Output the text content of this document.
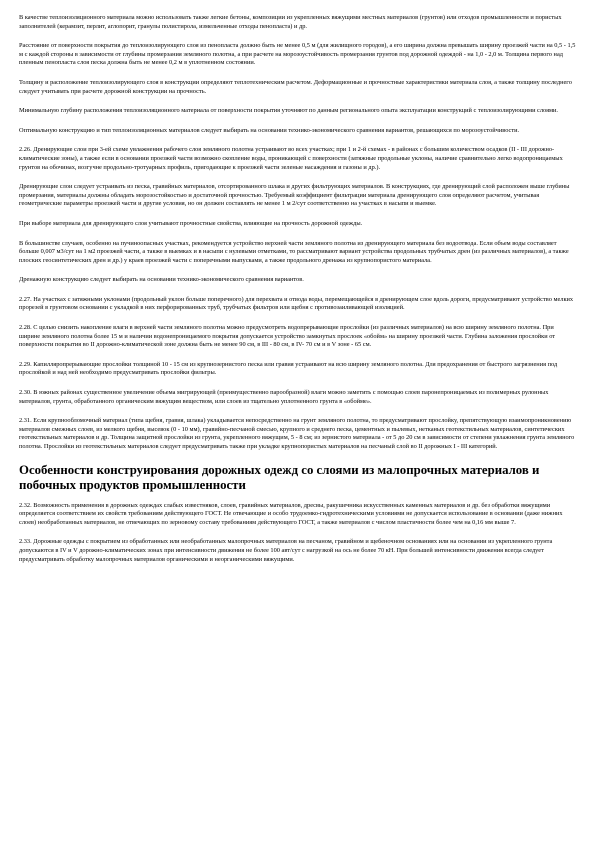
В качестве теплоизоляционного материала можно использовать также легкие бетоны, композиции из укрепленных вяжущими местных материалов (грунтов) или отходов промышленности и пористых заполнителей (керамзит, перлит, аглопорит, гранулы полистирола, измельченные отходы пенопласта) и др.

Расстояние от поверхности покрытия до теплоизолирующего слоя из пенопласта должно быть не менее 0,5 м (для жилищного городов), а его ширина должна превышать ширину проезжей части на 0,5 - 1,5 м с каждой стороны в зависимости от глубины промерзания земляного полотна, а при расчете на морозоустойчивость промерзания грунтов под дорожной одеждой - на 1,0 - 2,0 м. Толщина первого над пленным пенопласта слоя песка должна быть не менее 0,2 м в уплотненном состоянии.

Толщину и расположение теплоизолирующего слоя в конструкции определяют теплотехническим расчетом. Деформационные и прочностные характеристики материала слоя, а также толщину последнего следует учитывать при расчете дорожной конструкции на прочность.

Минимальную глубину расположения теплоизоляционного материала от поверхности покрытия уточняют по данным регионального опыта эксплуатации конструкций с теплоизолирующими слоями.

Оптимальную конструкцию и тип теплоизоляционных материалов следует выбирать на основании технико-экономического сравнения вариантов, решающихся по морозоустойчивости.

2.26. Дренирующие слои при 3-ей схеме увлажнения рабочего слоя земляного полотна устраивают во всех участках; при 1 и 2-й схемах - в районах с большим количеством осадков (II - III дорожно-климатические зоны), а также если в основании проезжей части возможно скопление воды, проникающей с поверхности (затяжные продольные уклоны, наличие сравнительно легко водопроницаемых грунтов на обочинах, возгучне продольно-тротуарных профиль, пригодающие к проезжей части зеленые насаждения и газоны и др.).

Дренирующие слои следует устраивать из песка, гравийных материалов, отсортированного шлака и других фильтрующих материалов. В конструкциях, где дренирующий слой расположен выше глубины промерзания, материалы должны обладать морозостойкостью и достаточной прочностью. Требуемый коэффициент фильтрации материала дренирующего слоя определяют расчетом, учитывая геометрические параметры проезжей части и другие условия, но он должен составлять не менее 1 м 2/сут соответственно на участках в насыпи и выемке.

При выборе материала для дренирующего слоя учитывают прочностные свойства, влияющие на прочность дорожной одежды.

В большинстве случаев, особенно на пучиноопасных участках, рекомендуется устройство верхней части земляного полотна из дренирующего материала без водоотвода. Если объем воды составляет больше 0,007 м3/сут на 1 м2 проезжей части, а также в выемках и в насыпи с нулевыми отметками, то рассматривают вариант устройства продольных трубчатых дрен (из различных материалов), а также плоских геосинтетических дрен и др.) у краев проезжей части с поперечными выпусками, а также продольного дренажа из крупнопористого материала.

Дренажную конструкцию следует выбирать на основании технико-экономического сравнения вариантов.

2.27. На участках с затяжными уклонами (продольный уклон больше поперечного) для перехвата и отвода воды, перемещающейся в дренирующем слое вдоль дороги, предусматривают устройство мелких прорезей в грунтовом основании с укладкой в них перфорированных труб, трубчатых фильтров или щебня с противозаиливающей изоляцией.

2.28. С целью снизить накопление влаги в верхней части земляного полотна можно предусмотреть водопрерывающие прослойки (из различных материалов) на всю ширину земляного полотна. При ширине земляного полотна более 15 м и наличии водонепроницаемого покрытия допускается устройство замкнутых прослоек «обойм» на ширину проезжей части. Глубина заложения прослойки от поверхности покрытия во II дорожно-климатической зоне должна быть не менее 90 см, в III - 80 см, в IV- 70 см и в V зоне - 65 см.

2.29. Капилляропрерывающие прослойки толщиной 10 - 15 см из крупнозернистого песка или гравия устраивают на всю ширину земляного полотна. Для предохранения от быстрого загрязнения под прослойкой и над ней необходимо предусматривать прослойки фильтры.

2.30. В южных районах существенное увеличение объема мигрирующей (преимущественно парообразной) влаги можно заметить с помощью слоев паронепроницаемых из полимерных рулонных материалов, грунта, обработанного органическим вяжущим веществом, или слоев из тщательно уплотненного грунта в «обойме».

2.31. Если крупнообломочный материал (типа щебня, гравия, шлака) укладывается непосредственно на грунт земляного полотна, то предусматривают прослойку, препятствующую взаимопроникновению материалов смежных слоев, из мелкого щебня, высевок (0 - 10 мм), гравийно-песчаной смесью, крупного и среднего песка, цементных и пылевых, нетканых геотекстильных материалов, синтетических геотекстильных материалов и др. Толщина защитной прослойки из грунта, укрепленного вяжущим, 5 - 8 см; из зернистого материала - от 5 до 20 см в зависимости от степени увлажнения грунта земляного полотна. Прослойки из геотекстильных материалов следует предусматривать также при укладке крупнопористых материалов на песчаный слой во II дорожных I - III категорий.

Особенности конструирования дорожных одежд со слоями из малопрочных материалов и побочных продуктов промышленности

2.32. Возможность применения в дорожных одеждах слабых известняков, слоев, гравийных материалов, дресвы, ракушечника искусственных каменных материалов и др. без обработки вяжущими определяется соответствием их свойств требованиям действующего ГОСТ. Не отвечающие и особо трудоемко-гидротехническими условиями не допускается использование в основании (даже нижних слоев) необработанных материалов, не отвечающих по зерновому составу требованиям действующего ГОСТ, а также материалов с числом пластичности более чем на 0,16 мм выше 7.

2.33. Дорожные одежды с покрытием из обработанных или необработанных малопрочных материалов на песчаном, гравийном и щебеночном основаниях или на основании из укрепленного грунта допускаются в IV и V дорожно-климатических зонах при интенсивности движения не более 100 авт/сут с нагрузкой на ось не более 70 кН. При большей интенсивности движения всегда следует предусматривать обработку малопрочных материалов органическими и неорганическими вяжущими.
